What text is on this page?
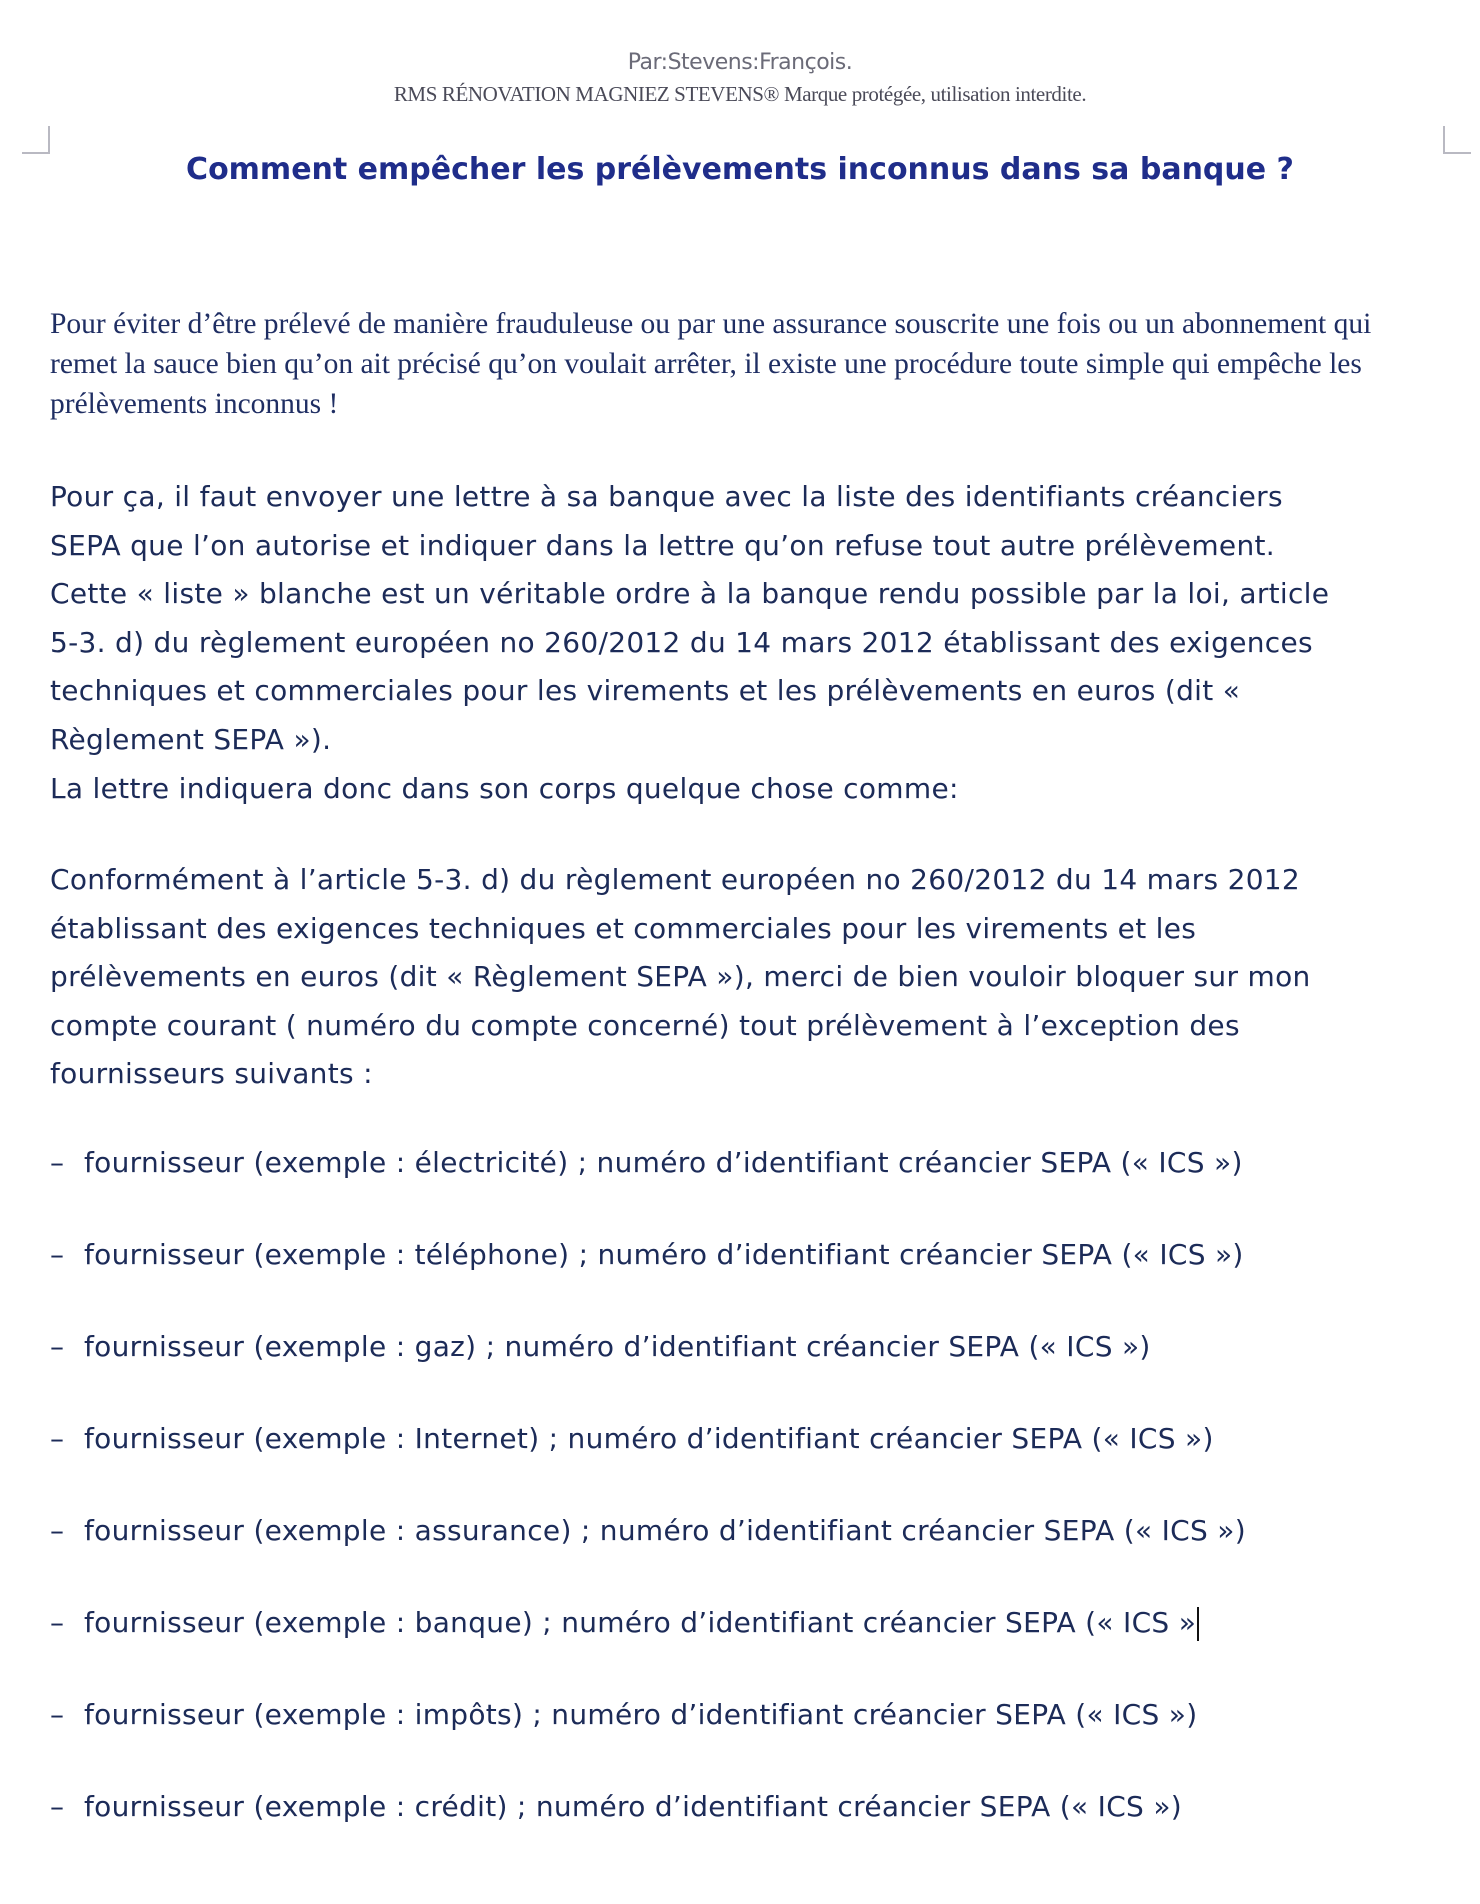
Par:Stevens:François.
RMS RÉNOVATION MAGNIEZ STEVENS® Marque protégée, utilisation interdite.
Comment empêcher les prélèvements inconnus dans sa banque ?

Pour éviter d’être prélevé de manière frauduleuse ou par une assurance souscrite une fois ou un abonnement qui remet la sauce bien qu’on ait précisé qu’on voulait arrêter, il existe une procédure toute simple qui empêche les prélèvements inconnus !

Pour ça, il faut envoyer une lettre à sa banque avec la liste des identifiants créanciers
SEPA que l’on autorise et indiquer dans la lettre qu’on refuse tout autre prélèvement.
Cette « liste » blanche est un véritable ordre à la banque rendu possible par la loi, article
5-3. d) du règlement européen no 260/2012 du 14 mars 2012 établissant des exigences
techniques et commerciales pour les virements et les prélèvements en euros (dit «
Règlement SEPA »).
La lettre indiquera donc dans son corps quelque chose comme:
Conformément à l’article 5-3. d) du règlement européen no 260/2012 du 14 mars 2012
établissant des exigences techniques et commerciales pour les virements et les
prélèvements en euros (dit « Règlement SEPA »), merci de bien vouloir bloquer sur mon
compte courant ( numéro du compte concerné) tout prélèvement à l’exception des
fournisseurs suivants :
– fournisseur (exemple : électricité) ; numéro d’identifiant créancier SEPA (« ICS »)
– fournisseur (exemple : téléphone) ; numéro d’identifiant créancier SEPA (« ICS »)
– fournisseur (exemple : gaz) ; numéro d’identifiant créancier SEPA (« ICS »)
– fournisseur (exemple : Internet) ; numéro d’identifiant créancier SEPA (« ICS »)
– fournisseur (exemple : assurance) ; numéro d’identifiant créancier SEPA (« ICS »)
– fournisseur (exemple : banque) ; numéro d’identifiant créancier SEPA (« ICS »
– fournisseur (exemple : impôts) ; numéro d’identifiant créancier SEPA (« ICS »)
– fournisseur (exemple : crédit) ; numéro d’identifiant créancier SEPA (« ICS »)
